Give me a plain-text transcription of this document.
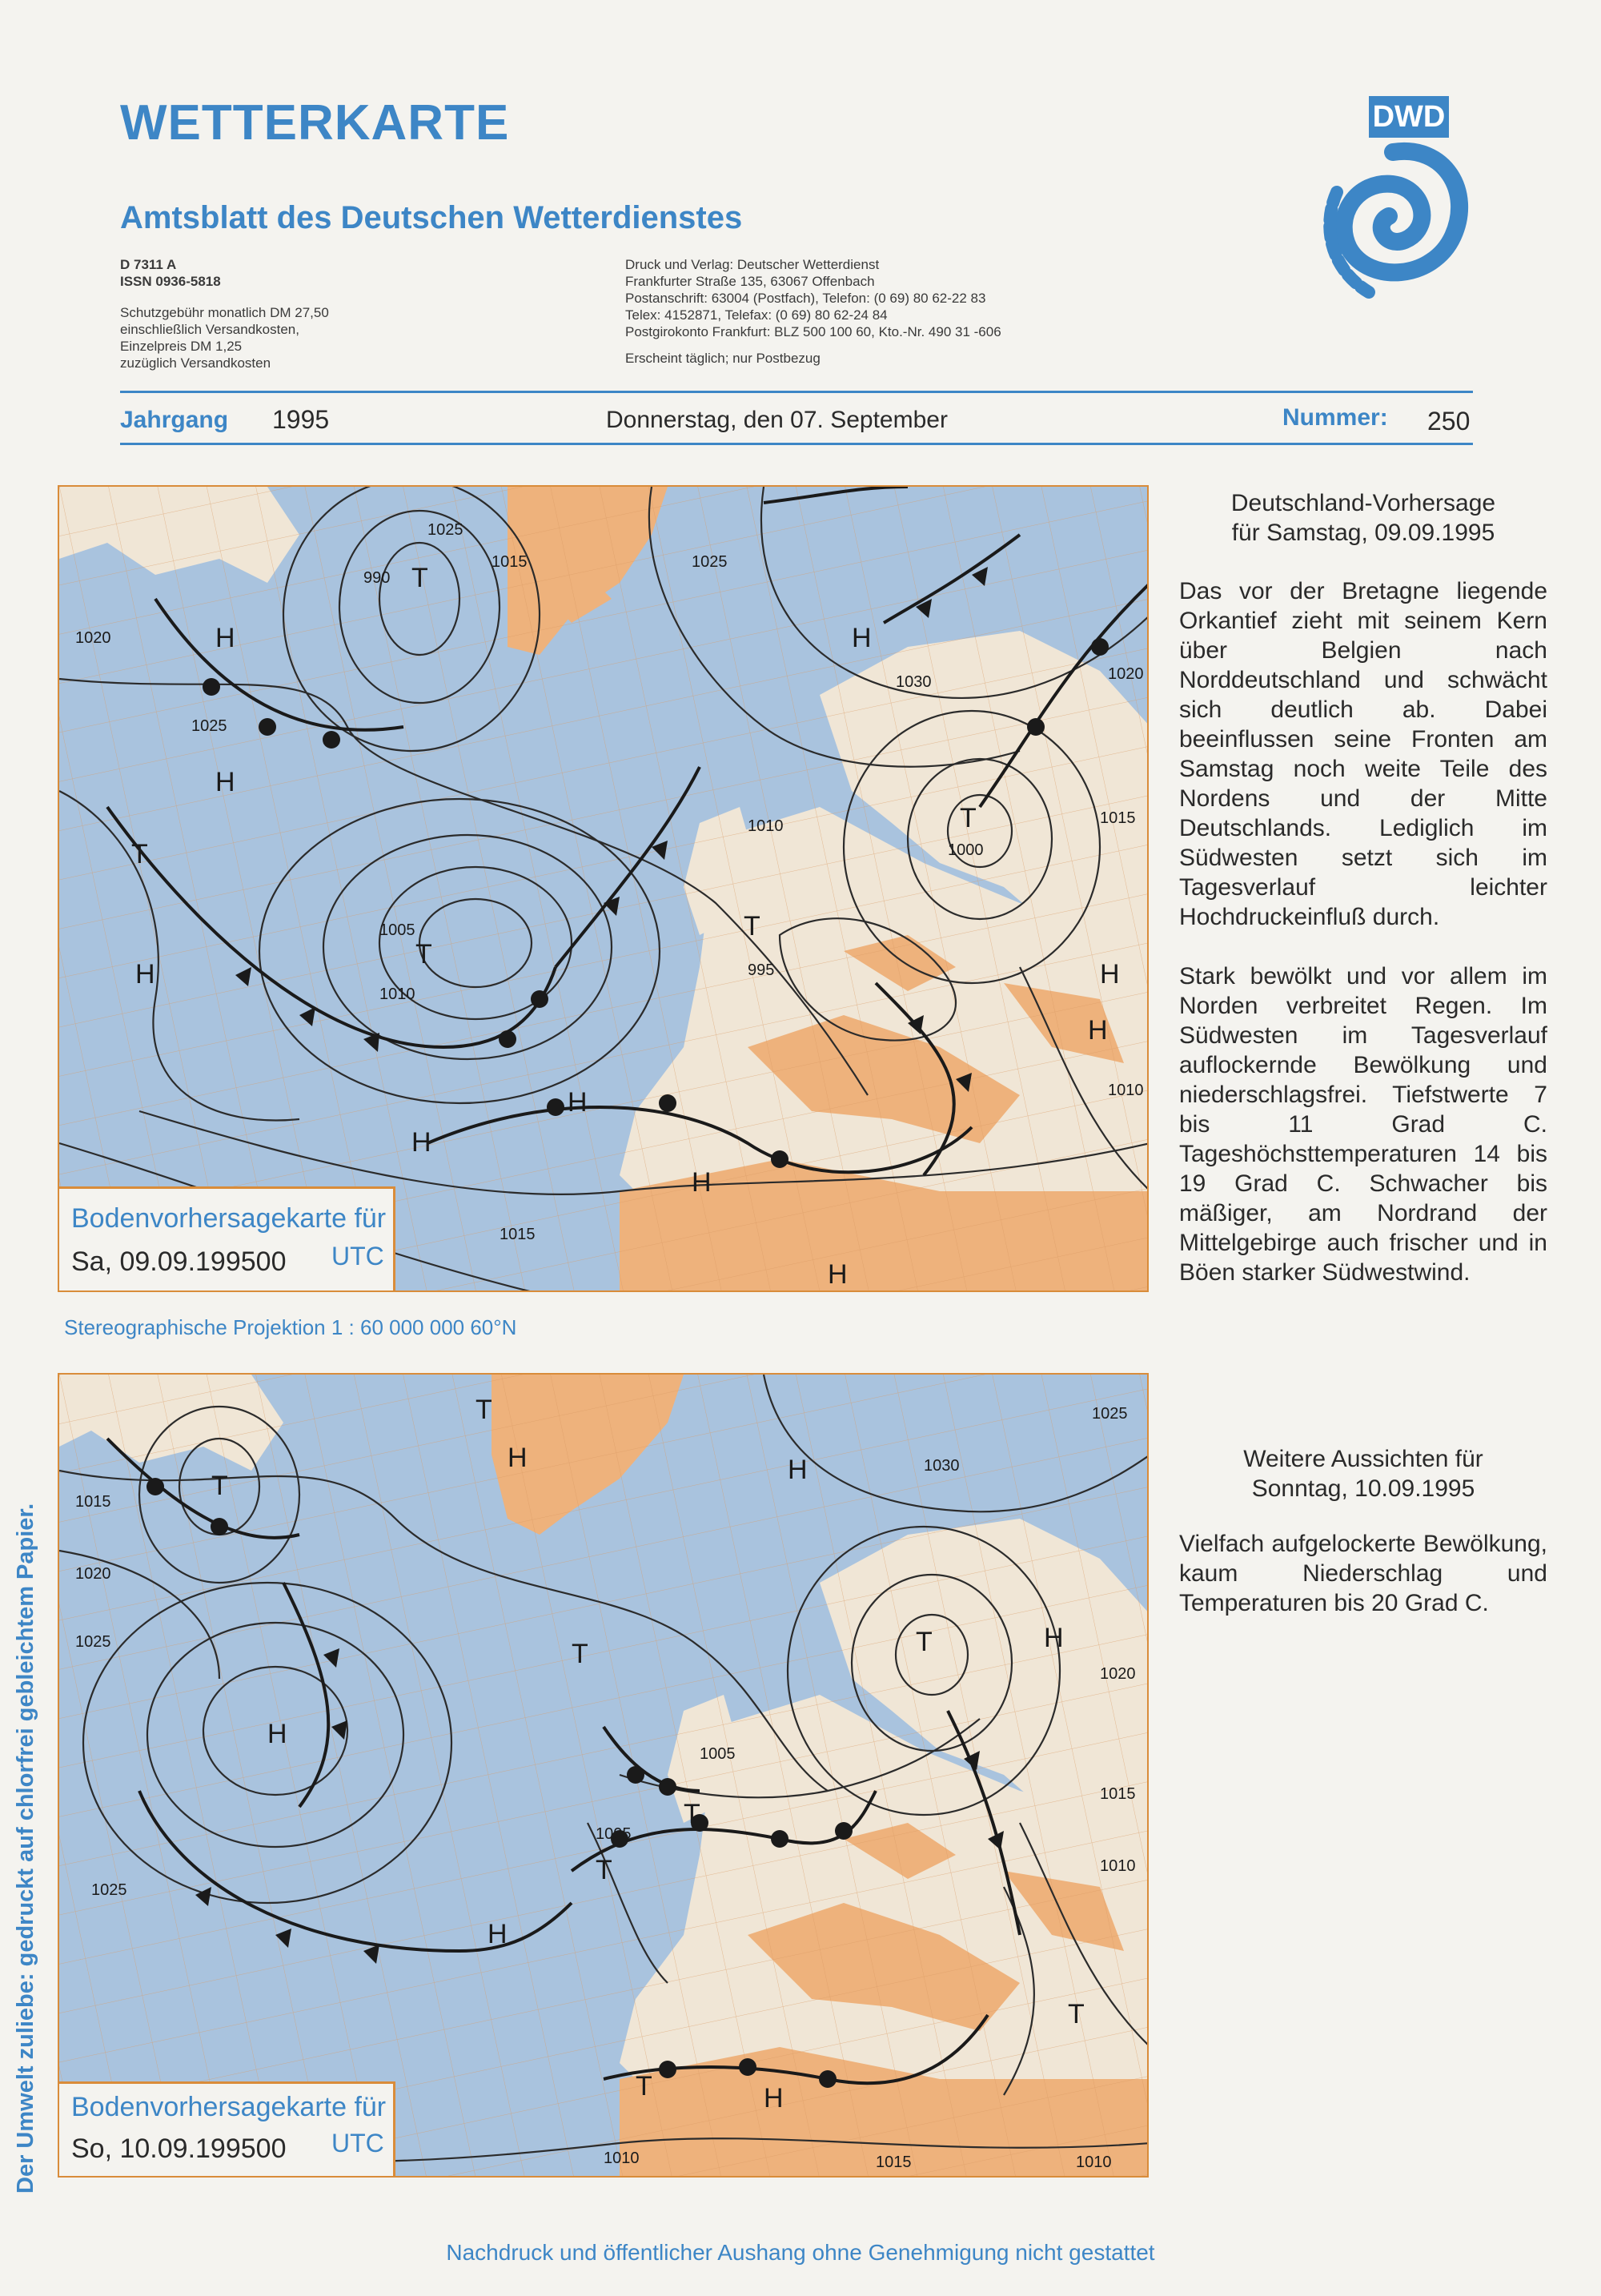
WETTERKARTE
Amtsblatt des Deutschen Wetterdienstes
D 7311 A
ISSN 0936-5818
Schutzgebühr monatlich DM 27,50
einschließlich Versandkosten,
Einzelpreis DM 1,25
zuzüglich Versandkosten
Druck und Verlag: Deutscher Wetterdienst
Frankfurter Straße 135, 63067 Offenbach
Postanschrift: 63004 (Postfach), Telefon: (0 69) 80 62-22 83
Telex: 4152871, Telefax: (0 69) 80 62-24 84
Postgirokonto Frankfurt: BLZ 500 100 60, Kto.-Nr. 490 31 -606
Erscheint täglich; nur Postbezug
DWD
Jahrgang 1995	Donnerstag, den 07. September	Nummer: 250
H
H
H
H
H
H
H
H
H
H
T
T
T
T
T
1020
1025
1015
1005
1010
1025
1030
1000
1010
995
1020
1015
1010
990
1025
1015
Bodenvorhersagekarte für
Sa, 09.09.199500 UTC
Stereographische Projektion 1 : 60 000 000 60°N
H
H
H	H
H
H
T
T
T	T
T
T
T
T
1015
1020
1025
1025
1005
1005
1025
1030
1020
1015
1010
1010	1015	1010
Bodenvorhersagekarte für
So, 10.09.199500 UTC
Deutschland-Vorhersage
für Samstag, 09.09.1995
Das vor der Bretagne liegende Orkantief zieht mit seinem Kern über Belgien nach Norddeutschland und schwächt sich deutlich ab. Dabei beeinflussen seine Fronten am Samstag noch weite Teile des Nordens und der Mitte Deutschlands. Lediglich im Südwesten setzt sich im Tagesverlauf leichter Hochdruckeinfluß durch.
Stark bewölkt und vor allem im Norden verbreitet Regen. Im Südwesten im Tagesverlauf auflockernde Bewölkung und niederschlagsfrei. Tiefstwerte 7 bis 11 Grad C. Tageshöchsttemperaturen 14 bis 19 Grad C. Schwacher bis mäßiger, am Nordrand der Mittelgebirge auch frischer und in Böen starker Südwestwind.
Weitere Aussichten für
Sonntag, 10.09.1995
Vielfach aufgelockerte Bewölkung, kaum Niederschlag und Temperaturen bis 20 Grad C.
Der Umwelt zuliebe: gedruckt auf chlorfrei gebleichtem Papier.
Nachdruck und öffentlicher Aushang ohne Genehmigung nicht gestattet
